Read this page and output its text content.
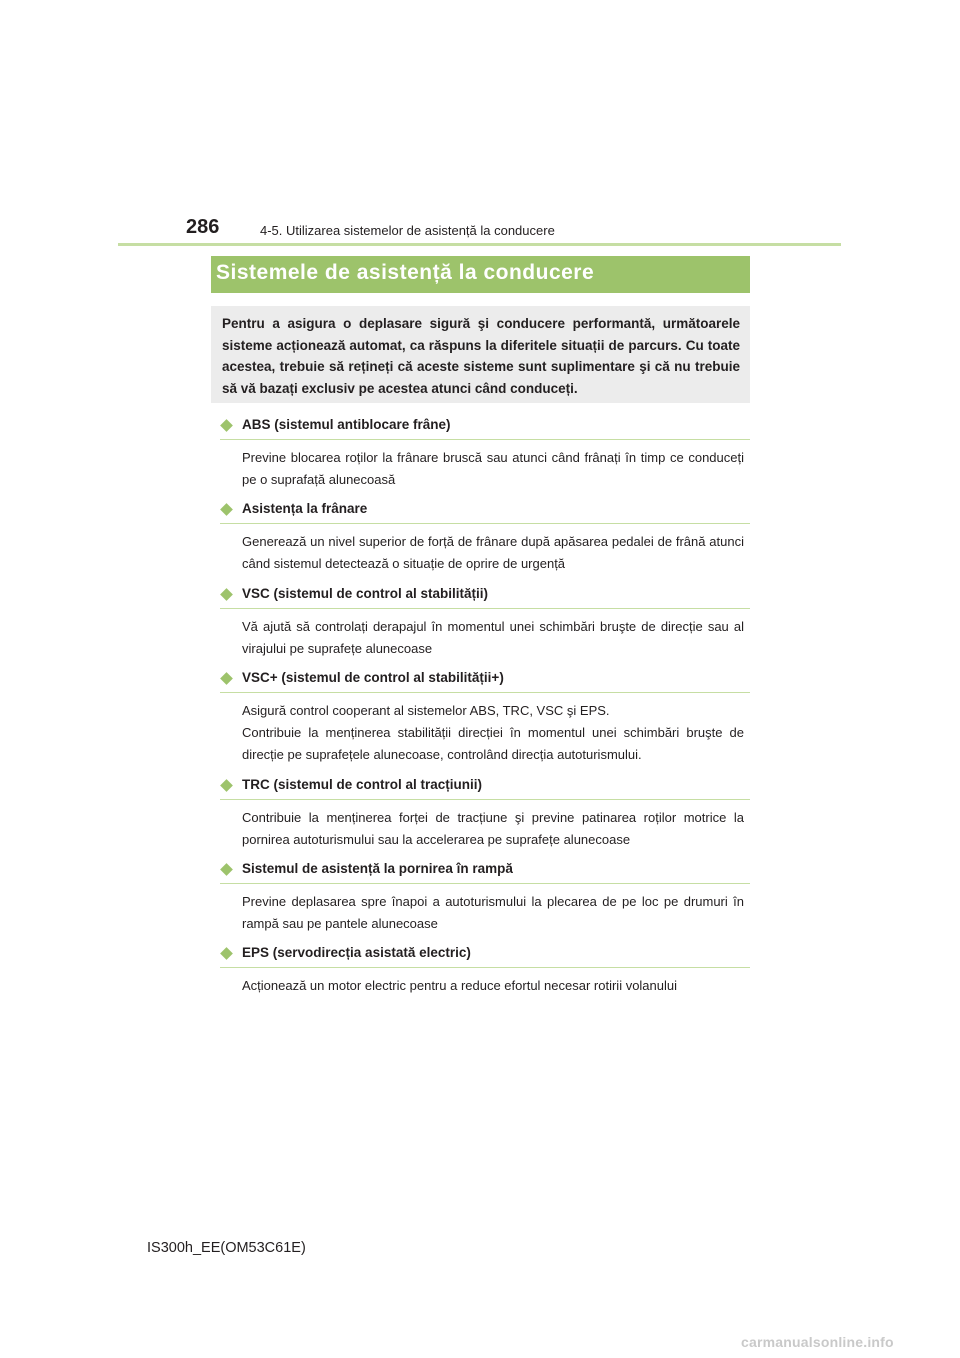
286	4-5. Utilizarea sistemelor de asistență la conducere
Sistemele de asistență la conducere
Pentru a asigura o deplasare sigură şi conducere performantă, următoarele sisteme acționează automat, ca răspuns la diferitele situații de parcurs. Cu toate acestea, trebuie să rețineți că aceste sisteme sunt suplimentare şi că nu trebuie să vă bazați exclusiv pe acestea atunci când conduceți.
ABS (sistemul antiblocare frâne)
Previne blocarea roților la frânare bruscă sau atunci când frânați în timp ce conduceți pe o suprafață alunecoasă
Asistența la frânare
Generează un nivel superior de forță de frânare după apăsarea pedalei de frână atunci când sistemul detectează o situație de oprire de urgență
VSC (sistemul de control al stabilității)
Vă ajută să controlați derapajul în momentul unei schimbări bruşte de direcție sau al virajului pe suprafețe alunecoase
VSC+ (sistemul de control al stabilității+)
Asigură control cooperant al sistemelor ABS, TRC, VSC şi EPS.
Contribuie la menținerea stabilității direcției în momentul unei schimbări bruşte de direcție pe suprafețele alunecoase, controlând direcția autoturismului.
TRC (sistemul de control al tracțiunii)
Contribuie la menținerea forței de tracțiune şi previne patinarea roților motrice la pornirea autoturismului sau la accelerarea pe suprafețe alunecoase
Sistemul de asistență la pornirea în rampă
Previne deplasarea spre înapoi a autoturismului la plecarea de pe loc pe drumuri în rampă sau pe pantele alunecoase
EPS (servodirecția asistată electric)
Acționează un motor electric pentru a reduce efortul necesar rotirii volanului
IS300h_EE(OM53C61E)
carmanualsonline.info
